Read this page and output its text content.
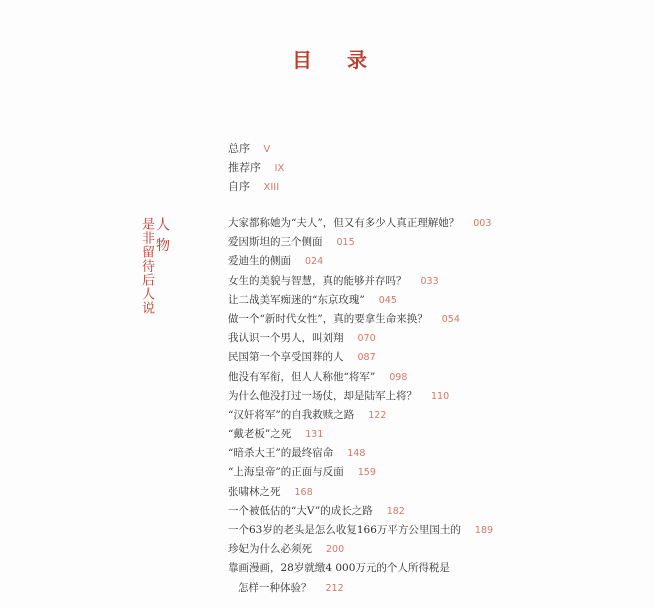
目 录
总序 V
推荐序 IX
自序 XIII
人 物
是非留待后人说	大家都称她为“夫人”，但又有多少人真正理解她？ 003
爱因斯坦的三个侧面 015
爱迪生的侧面 024
女生的美貌与智慧，真的能够并存吗？ 033
让二战美军痴迷的“东京玫瑰” 045
做一个“新时代女性”，真的要拿生命来换？ 054
我认识一个男人，叫刘翔 070
民国第一个享受国葬的人 087
他没有军衔，但人人称他“将军” 098
为什么他没打过一场仗，却是陆军上将？ 110
“汉奸将军”的自我救赎之路 122
“戴老板”之死 131
“暗杀大王”的最终宿命 148
“上海皇帝”的正面与反面 159
张啸林之死 168
一个被低估的“大V”的成长之路 182
一个63岁的老头是怎么收复166万平方公里国土的 189
珍妃为什么必须死 200
靠画漫画，28岁就缴4 000万元的个人所得税是
怎样一种体验？ 212
